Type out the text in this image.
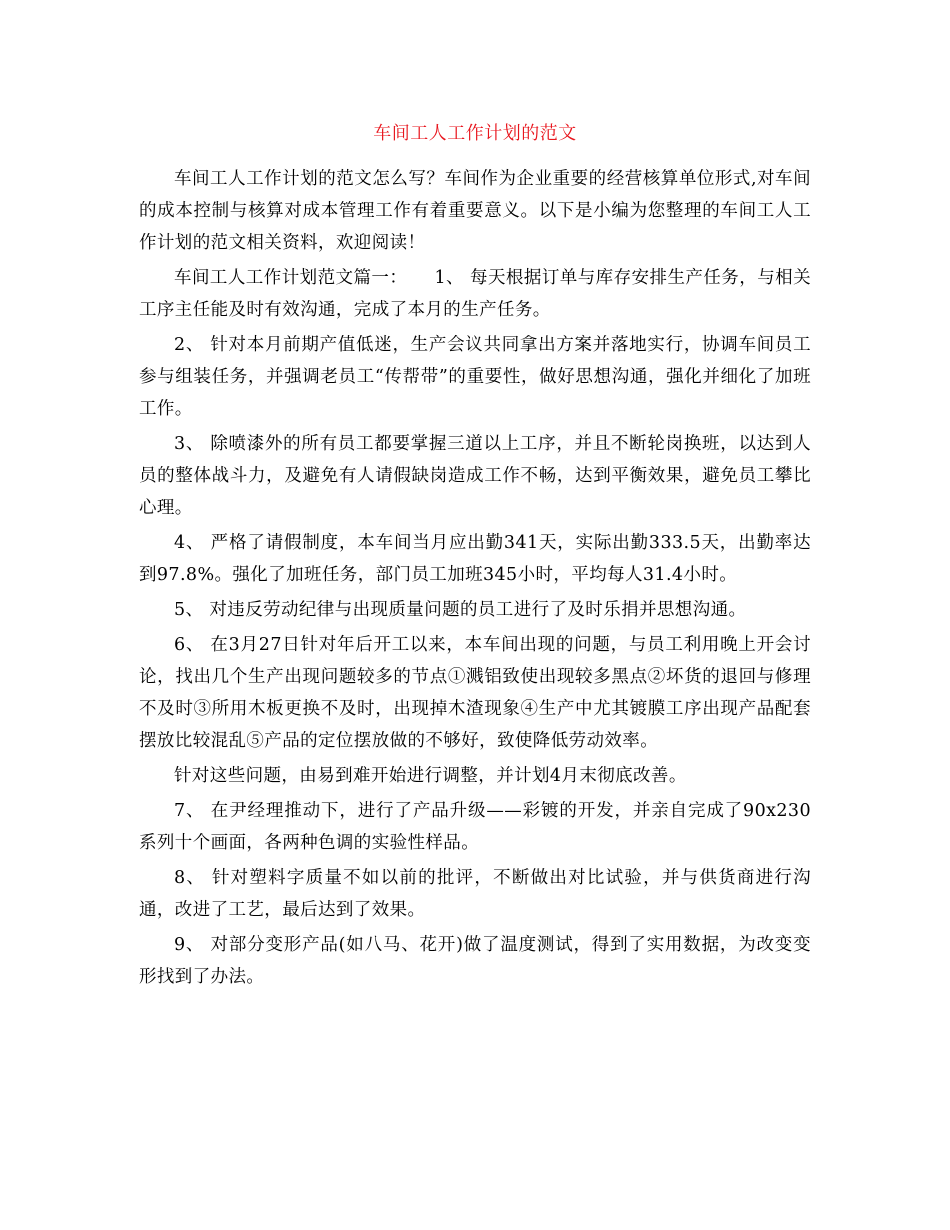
车间工人工作计划的范文

车间工人工作计划的范文怎么写？车间作为企业重要的经营核算单位形式,对车间的成本控制与核算对成本管理工作有着重要意义。以下是小编为您整理的车间工人工作计划的范文相关资料，欢迎阅读！

车间工人工作计划范文篇一：　　1、 每天根据订单与库存安排生产任务，与相关工序主任能及时有效沟通，完成了本月的生产任务。

2、 针对本月前期产值低迷，生产会议共同拿出方案并落地实行，协调车间员工参与组装任务，并强调老员工“传帮带”的重要性，做好思想沟通，强化并细化了加班工作。

3、 除喷漆外的所有员工都要掌握三道以上工序，并且不断轮岗换班，以达到人员的整体战斗力，及避免有人请假缺岗造成工作不畅，达到平衡效果，避免员工攀比心理。

4、 严格了请假制度，本车间当月应出勤341天，实际出勤333.5天，出勤率达到97.8%。强化了加班任务，部门员工加班345小时，平均每人31.4小时。

5、 对违反劳动纪律与出现质量问题的员工进行了及时乐捐并思想沟通。

6、 在3月27日针对年后开工以来，本车间出现的问题，与员工利用晚上开会讨论，找出几个生产出现问题较多的节点①溅铝致使出现较多黑点②坏货的退回与修理不及时③所用木板更换不及时，出现掉木渣现象④生产中尤其镀膜工序出现产品配套摆放比较混乱⑤产品的定位摆放做的不够好，致使降低劳动效率。

针对这些问题，由易到难开始进行调整，并计划4月末彻底改善。

7、 在尹经理推动下，进行了产品升级——彩镀的开发，并亲自完成了90x230系列十个画面，各两种色调的实验性样品。

8、 针对塑料字质量不如以前的批评，不断做出对比试验，并与供货商进行沟通，改进了工艺，最后达到了效果。

9、 对部分变形产品(如八马、花开)做了温度测试，得到了实用数据，为改变变形找到了办法。
